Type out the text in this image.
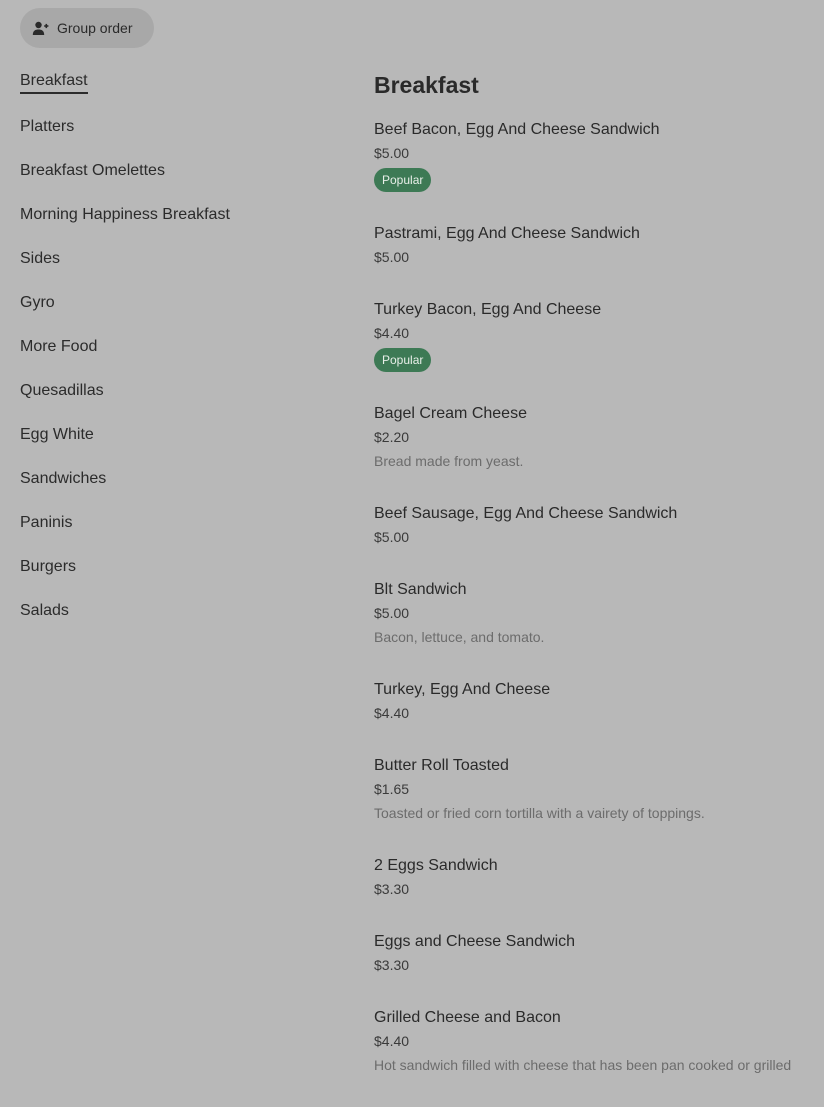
Group order
Breakfast
Platters
Breakfast Omelettes
Morning Happiness Breakfast
Sides
Gyro
More Food
Quesadillas
Egg White
Sandwiches
Paninis
Burgers
Salads
Breakfast
Beef Bacon, Egg And Cheese Sandwich
$5.00
Popular
Pastrami, Egg And Cheese Sandwich
$5.00
Turkey Bacon, Egg And Cheese
$4.40
Popular
Bagel Cream Cheese
$2.20
Bread made from yeast.
Beef Sausage, Egg And Cheese Sandwich
$5.00
Blt Sandwich
$5.00
Bacon, lettuce, and tomato.
Turkey, Egg And Cheese
$4.40
Butter Roll Toasted
$1.65
Toasted or fried corn tortilla with a vairety of toppings.
2 Eggs Sandwich
$3.30
Eggs and Cheese Sandwich
$3.30
Grilled Cheese and Bacon
$4.40
Hot sandwich filled with cheese that has been pan cooked or grilled
